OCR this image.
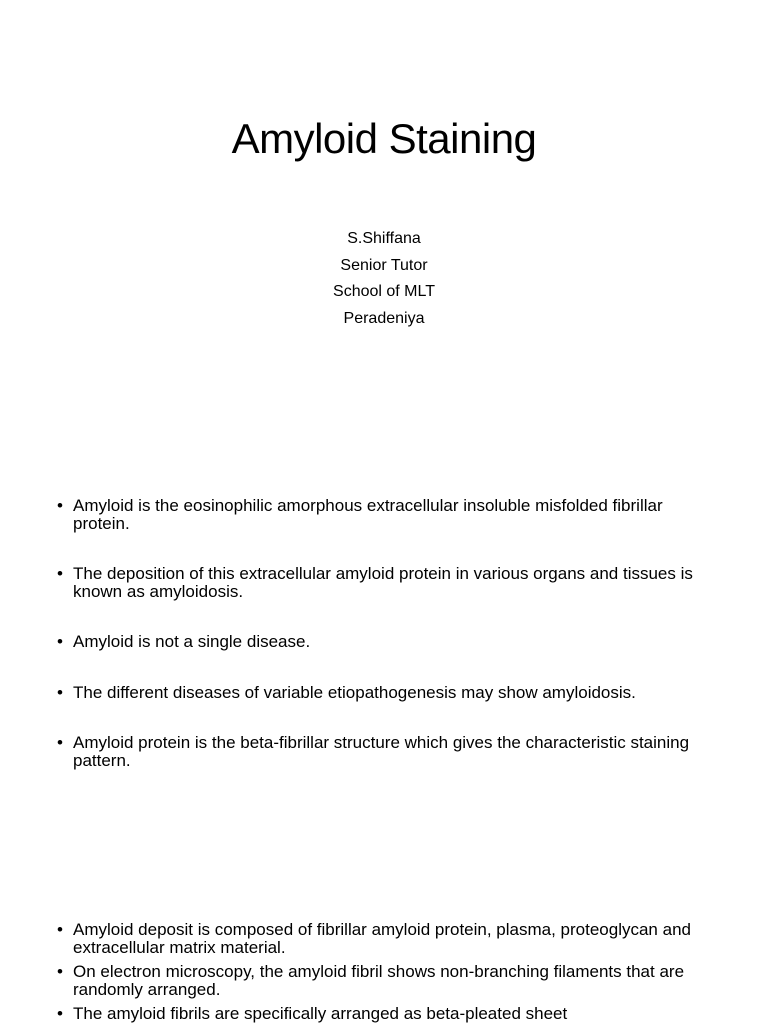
Amyloid Staining
S.Shiffana
Senior Tutor
School of MLT
Peradeniya
• Amyloid is the eosinophilic amorphous extracellular insoluble misfolded fibrillar protein.
• The deposition of this extracellular amyloid protein in various organs and tissues is known as amyloidosis.
• Amyloid is not a single disease.
• The different diseases of variable etiopathogenesis may show amyloidosis.
• Amyloid protein is the beta-fibrillar structure which gives the characteristic staining pattern.
• Amyloid deposit is composed of fibrillar amyloid protein, plasma, proteoglycan and extracellular matrix material.
• On electron microscopy, the amyloid fibril shows non-branching filaments that are randomly arranged.
• The amyloid fibrils are specifically arranged as beta-pleated sheet
